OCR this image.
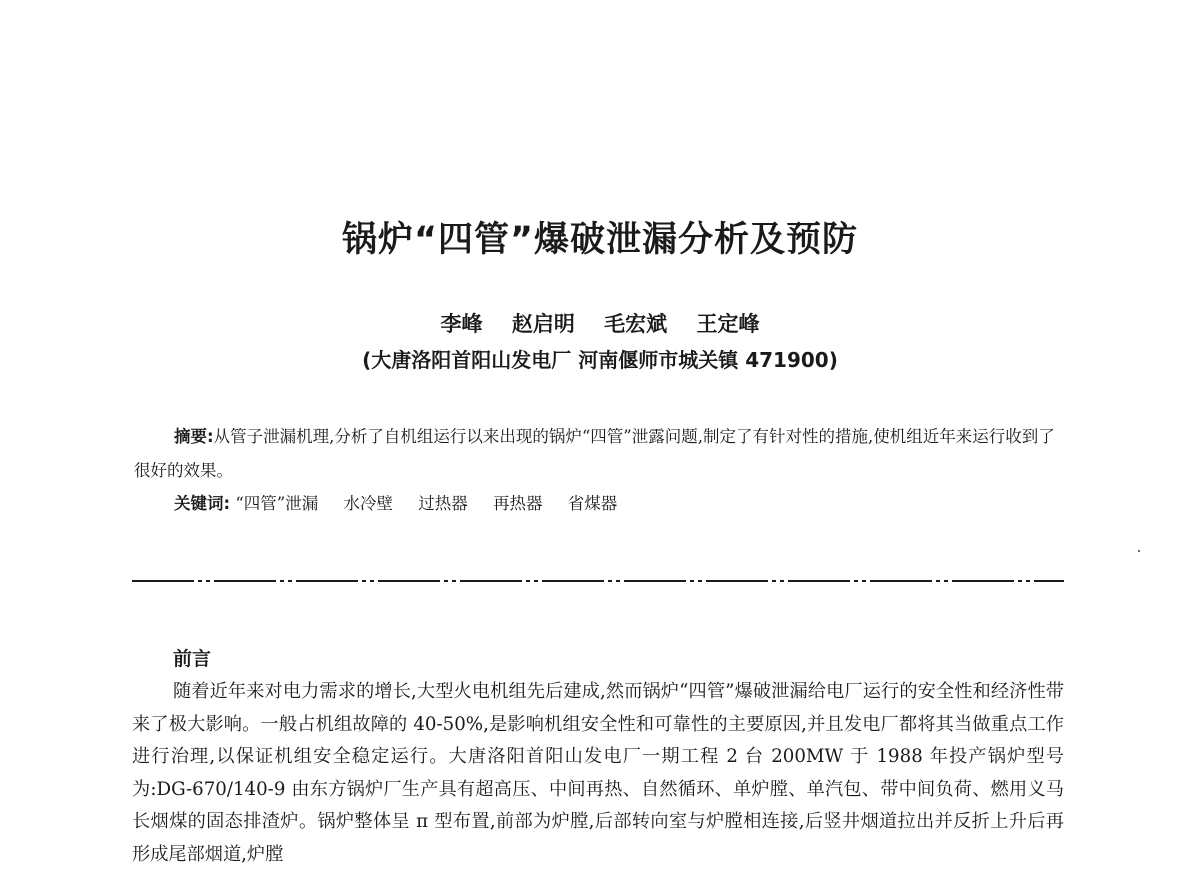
锅炉“四管”爆破泄漏分析及预防
李峰 赵启明 毛宏斌 王定峰
(大唐洛阳首阳山发电厂 河南偃师市城关镇 471900)
摘要:从管子泄漏机理,分析了自机组运行以来出现的锅炉“四管”泄露问题,制定了有针对性的措施,使机组近年来运行收到了很好的效果。
关键词: “四管”泄漏 水冷壁 过热器 再热器 省煤器
前言
随着近年来对电力需求的增长,大型火电机组先后建成,然而锅炉“四管”爆破泄漏给电厂运行的安全性和经济性带来了极大影响。一般占机组故障的 40-50%,是影响机组安全性和可靠性的主要原因,并且发电厂都将其当做重点工作进行治理,以保证机组安全稳定运行。大唐洛阳首阳山发电厂一期工程 2 台 200MW 于 1988 年投产锅炉型号为:DG-670/140-9 由东方锅炉厂生产具有超高压、中间再热、自然循环、单炉膛、单汽包、带中间负荷、燃用义马长烟煤的固态排渣炉。锅炉整体呈 π 型布置,前部为炉膛,后部转向室与炉膛相连接,后竖井烟道拉出并反折上升后再形成尾部烟道,炉膛
